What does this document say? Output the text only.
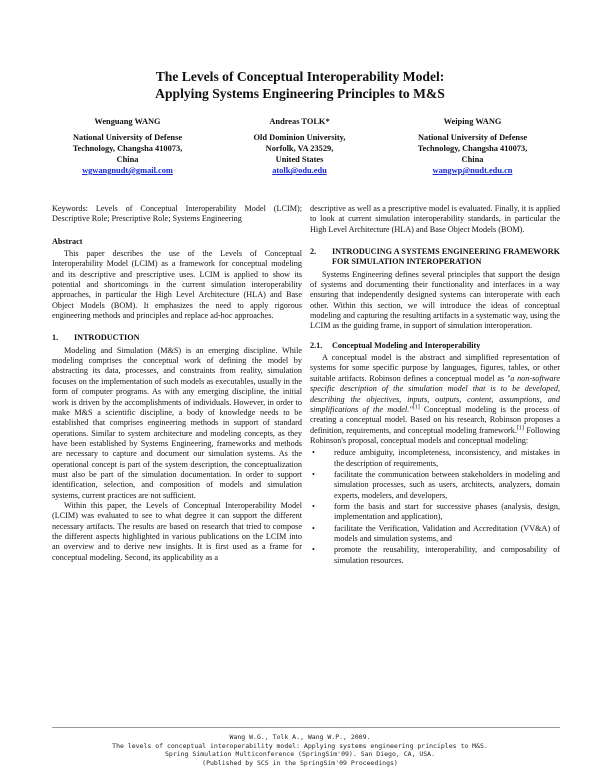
The Levels of Conceptual Interoperability Model:
Applying Systems Engineering Principles to M&S
Wenguang WANG
National University of Defense
Technology, Changsha 410073,
China
wgwangnudt@gmail.com
Andreas TOLK*
Old Dominion University,
Norfolk, VA 23529,
United States
atolk@odu.edu
Weiping WANG
National University of Defense
Technology, Changsha 410073,
China
wangwp@nudt.edu.cn

Keywords: Levels of Conceptual Interoperability Model (LCIM); Descriptive Role; Prescriptive Role; Systems Engineering

Abstract

This paper describes the use of the Levels of Conceptual Interoperability Model (LCIM) as a framework for conceptual modeling and its descriptive and prescriptive uses. LCIM is applied to show its potential and shortcomings in the current simulation interoperability approaches, in particular the High Level Architecture (HLA) and Base Object Models (BOM). It emphasizes the need to apply rigorous engineering methods and principles and replace ad-hoc approaches.

1.	INTRODUCTION

Modeling and Simulation (M&S) is an emerging discipline. While modeling comprises the conceptual work of defining the model by abstracting its data, processes, and constraints from reality, simulation focuses on the implementation of such models as executables, usually in the form of computer programs. As with any emerging discipline, the initial work is driven by the accomplishments of individuals. However, in order to make M&S a scientific discipline, a body of knowledge needs to be established that comprises engineering methods in support of standard operations. Similar to system architecture and modeling concepts, as they have been established by Systems Engineering, frameworks and methods are necessary to capture and document our simulation systems. As the operational concept is part of the system description, the conceptualization must also be part of the simulation documentation. In order to support identification, selection, and composition of models and simulation systems, current practices are not sufficient.

Within this paper, the Levels of Conceptual Interoperability Model (LCIM) was evaluated to see to what degree it can support the different necessary artifacts. The results are based on research that tried to compose the different aspects highlighted in various publications on the LCIM into an overview and to derive new insights. It is first used as a frame for conceptual modeling. Second, its applicability as a

descriptive as well as a prescriptive model is evaluated. Finally, it is applied to look at current simulation interoperability standards, in particular the High Level Architecture (HLA) and Base Object Models (BOM).

2.	INTRODUCING A SYSTEMS ENGINEERING FRAMEWORK FOR SIMULATION INTEROPERATION

Systems Engineering defines several principles that support the design of systems and documenting their functionality and interfaces in a way ensuring that independently designed systems can interoperate with each other. Within this section, we will introduce the ideas of conceptual modeling and capturing the resulting artifacts in a systematic way, using the LCIM as the guiding frame, in support of simulation interoperation.

2.1.	Conceptual Modeling and Interoperability

A conceptual model is the abstract and simplified representation of systems for some specific purpose by languages, figures, tables, or other suitable artifacts. Robinson defines a conceptual model as "a non-software specific description of the simulation model that is to be developed, describing the objectives, inputs, outputs, content, assumptions, and simplifications of the model."[1] Conceptual modeling is the process of creating a conceptual model. Based on his research, Robinson proposes a definition, requirements, and conceptual modeling framework.[1] Following Robinson's proposal, conceptual models and conceptual modeling:

•	reduce ambiguity, incompleteness, inconsistency, and mistakes in the description of requirements,
•	facilitate the communication between stakeholders in modeling and simulation processes, such as users, architects, analyzers, domain experts, modelers, and developers,
•	form the basis and start for successive phases (analysis, design, implementation and application),
•	facilitate the Verification, Validation and Accreditation (VV&A) of models and simulation systems, and
•	promote the reusability, interoperability, and composability of simulation resources.
Wang W.G., Tolk A., Wang W.P., 2009.
The levels of conceptual interoperability model: Applying systems engineering principles to M&S.
Spring Simulation Multiconference (SpringSim'09). San Diego, CA, USA.
(Published by SCS in the SpringSim'09 Proceedings)
